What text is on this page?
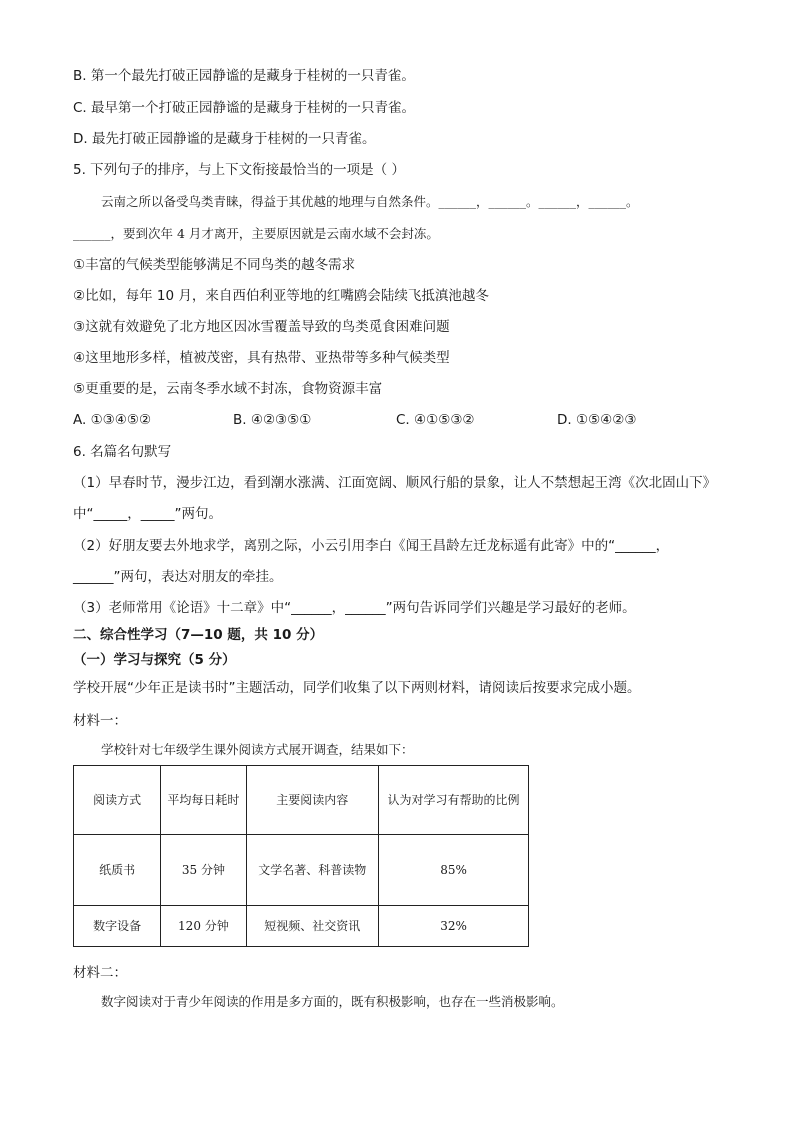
B. 第一个最先打破正园静谧的是藏身于桂树的一只青雀。
C. 最早第一个打破正园静谧的是藏身于桂树的一只青雀。
D. 最先打破正园静谧的是藏身于桂树的一只青雀。
5. 下列句子的排序，与上下文衔接最恰当的一项是（ ）
云南之所以备受鸟类青睐，得益于其优越的地理与自然条件。______，______。______，______。
______，要到次年 4 月才离开，主要原因就是云南水域不会封冻。
①丰富的气候类型能够满足不同鸟类的越冬需求
②比如，每年 10 月，来自西伯利亚等地的红嘴鸥会陆续飞抵滇池越冬
③这就有效避免了北方地区因冰雪覆盖导致的鸟类觅食困难问题
④这里地形多样，植被茂密，具有热带、亚热带等多种气候类型
⑤更重要的是，云南冬季水域不封冻，食物资源丰富
A. ①③④⑤②	B. ④②③⑤①	C. ④①⑤③②	D. ①⑤④②③
6. 名篇名句默写
（1）早春时节，漫步江边，看到潮水涨满、江面宽阔、顺风行船的景象，让人不禁想起王湾《次北固山下》
中“_____，_____”两句。
（2）好朋友要去外地求学，离别之际，小云引用李白《闻王昌龄左迁龙标遥有此寄》中的“______，
______”两句，表达对朋友的牵挂。
（3）老师常用《论语》十二章》中“______，______”两句告诉同学们兴趣是学习最好的老师。
二、综合性学习（7—10 题，共 10 分）
（一）学习与探究（5 分）
学校开展“少年正是读书时”主题活动，同学们收集了以下两则材料，请阅读后按要求完成小题。
材料一：
学校针对七年级学生课外阅读方式展开调查，结果如下：
阅读方式	平均每日耗时	主要阅读内容	认为对学习有帮助的比例
纸质书	35 分钟	文学名著、科普读物	85%
数字设备	120 分钟	短视频、社交资讯	32%
材料二：
数字阅读对于青少年阅读的作用是多方面的，既有积极影响，也存在一些消极影响。
